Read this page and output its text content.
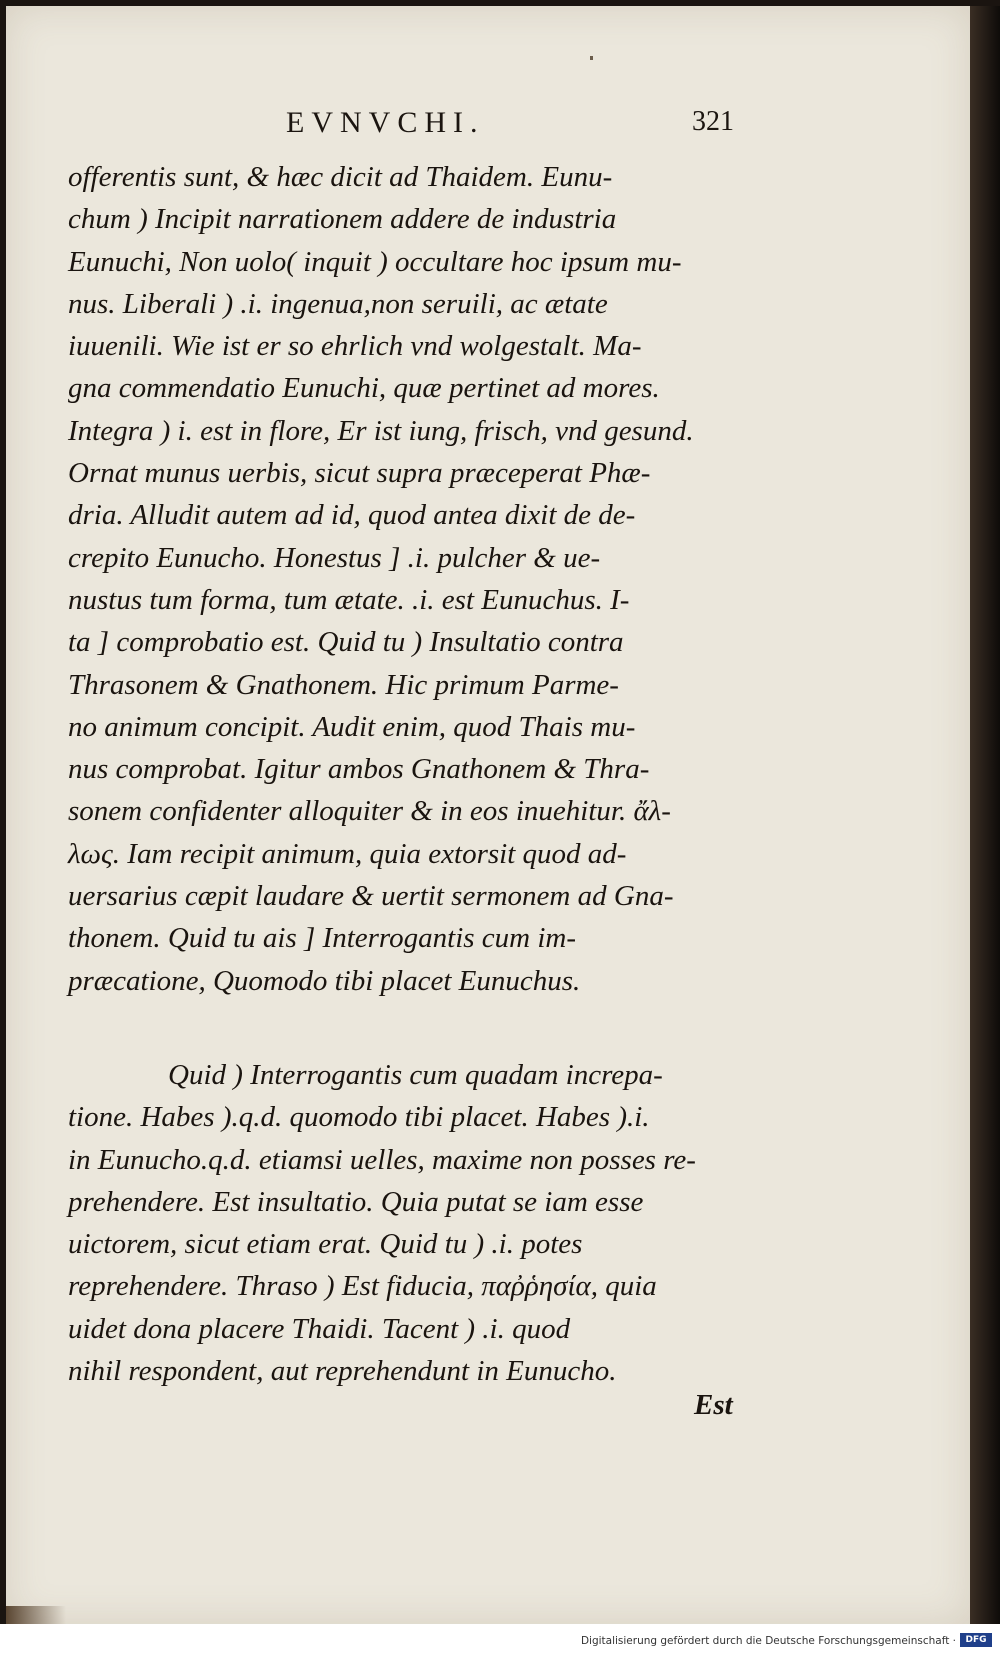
EVNVCHI.	321
offerentis sunt, & hæc dicit ad Thaidem. Eunu-
chum ) Incipit narrationem addere de industria
Eunuchi, Non uolo( inquit ) occultare hoc ipsum mu-
nus. Liberali ) .i. ingenua,non seruili, ac ætate
iuuenili. Wie ist er so ehrlich vnd wolgestalt. Ma-
gna commendatio Eunuchi, quæ pertinet ad mores.
Integra ) i. est in flore, Er ist iung, frisch, vnd gesund.
Ornat munus uerbis, sicut supra præceperat Phæ-
dria. Alludit autem ad id, quod antea dixit de de-
crepito Eunucho. Honestus ] .i. pulcher & ue-
nustus tum forma, tum ætate. .i. est Eunuchus. I-
ta ] comprobatio est. Quid tu ) Insultatio contra
Thrasonem & Gnathonem. Hic primum Parme-
no animum concipit. Audit enim, quod Thais mu-
nus comprobat. Igitur ambos Gnathonem & Thra-
sonem confidenter alloquiter & in eos inuehitur. ἄλ-
λως. Iam recipit animum, quia extorsit quod ad-
uersarius cæpit laudare & uertit sermonem ad Gna-
thonem. Quid tu ais ] Interrogantis cum im-
præcatione, Quomodo tibi placet Eunuchus.
Quid ) Interrogantis cum quadam increpa-
tione. Habes ).q.d. quomodo tibi placet. Habes ).i.
in Eunucho.q.d. etiamsi uelles, maxime non posses re-
prehendere. Est insultatio. Quia putat se iam esse
uictorem, sicut etiam erat. Quid tu ) .i. potes
reprehendere. Thraso ) Est fiducia, παῤῥησία, quia
uidet dona placere Thaidi. Tacent ) .i. quod
nihil respondent, aut reprehendunt in Eunucho.
Est
Digitalisierung gefördert durch die Deutsche Forschungsgemeinschaft ·	DFG
